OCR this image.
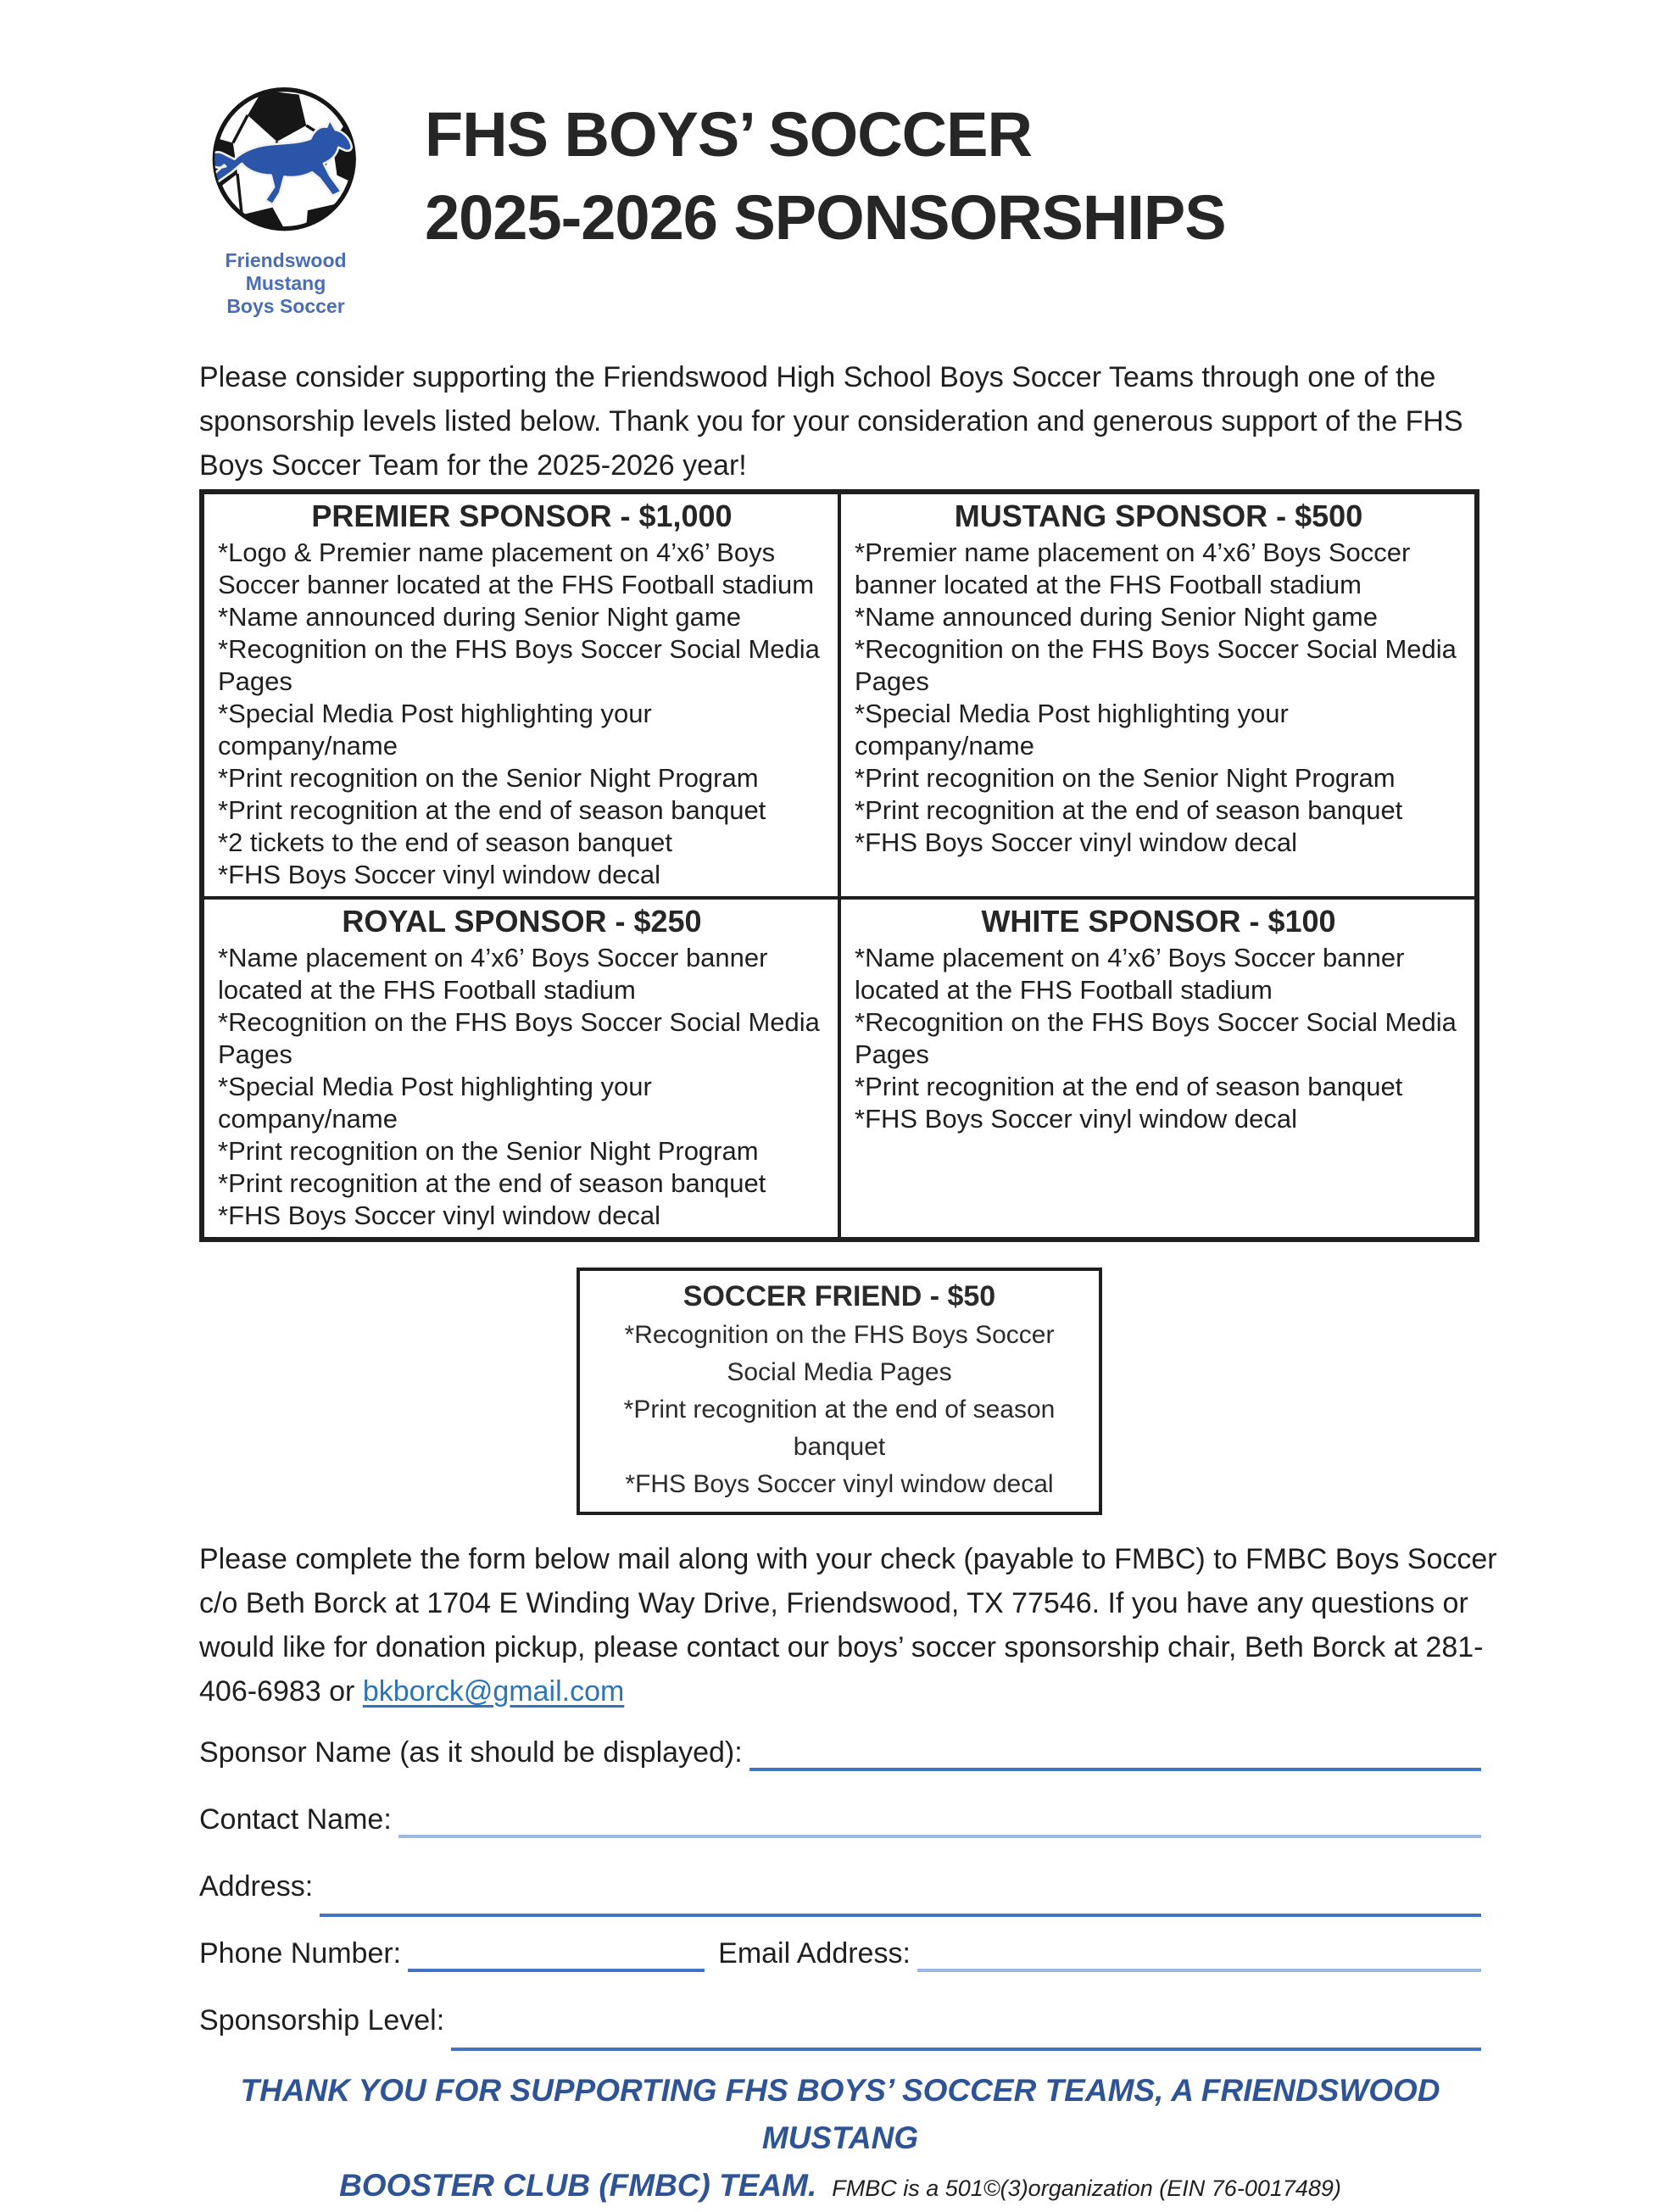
Friendswood Mustang
Boys Soccer
FHS BOYS’ SOCCER
2025-2026 SPONSORSHIPS

Please consider supporting the Friendswood High School Boys Soccer Teams through one of the sponsorship levels listed below. Thank you for your consideration and generous support of the FHS Boys Soccer Team for the 2025-2026 year!

PREMIER SPONSOR - $1,000
*Logo & Premier name placement on 4’x6’ Boys Soccer banner located at the FHS Football stadium
*Name announced during Senior Night game
*Recognition on the FHS Boys Soccer Social Media Pages
*Special Media Post highlighting your company/name
*Print recognition on the Senior Night Program
*Print recognition at the end of season banquet
*2 tickets to the end of season banquet
*FHS Boys Soccer vinyl window decal
MUSTANG SPONSOR - $500
*Premier name placement on 4’x6’ Boys Soccer banner located at the FHS Football stadium
*Name announced during Senior Night game
*Recognition on the FHS Boys Soccer Social Media Pages
*Special Media Post highlighting your company/name
*Print recognition on the Senior Night Program
*Print recognition at the end of season banquet
*FHS Boys Soccer vinyl window decal
ROYAL SPONSOR - $250
*Name placement on 4’x6’ Boys Soccer banner located at the FHS Football stadium
*Recognition on the FHS Boys Soccer Social Media Pages
*Special Media Post highlighting your company/name
*Print recognition on the Senior Night Program
*Print recognition at the end of season banquet
*FHS Boys Soccer vinyl window decal
WHITE SPONSOR - $100
*Name placement on 4’x6’ Boys Soccer banner located at the FHS Football stadium
*Recognition on the FHS Boys Soccer Social Media Pages
*Print recognition at the end of season banquet
*FHS Boys Soccer vinyl window decal
SOCCER FRIEND - $50
*Recognition on the FHS Boys Soccer Social Media Pages
*Print recognition at the end of season banquet
*FHS Boys Soccer vinyl window decal

Please complete the form below mail along with your check (payable to FMBC) to FMBC Boys Soccer c/o Beth Borck at 1704 E Winding Way Drive, Friendswood, TX 77546. If you have any questions or would like for donation pickup, please contact our boys’ soccer sponsorship chair, Beth Borck at 281-406-6983 or bkborck@gmail.com

Sponsor Name (as it should be displayed):
Contact Name:
Address:
Phone Number:	Email Address:
Sponsorship Level:
THANK YOU FOR SUPPORTING FHS BOYS’ SOCCER TEAMS, A FRIENDSWOOD MUSTANG
BOOSTER CLUB (FMBC) TEAM. FMBC is a 501©(3)organization (EIN 76-0017489)
